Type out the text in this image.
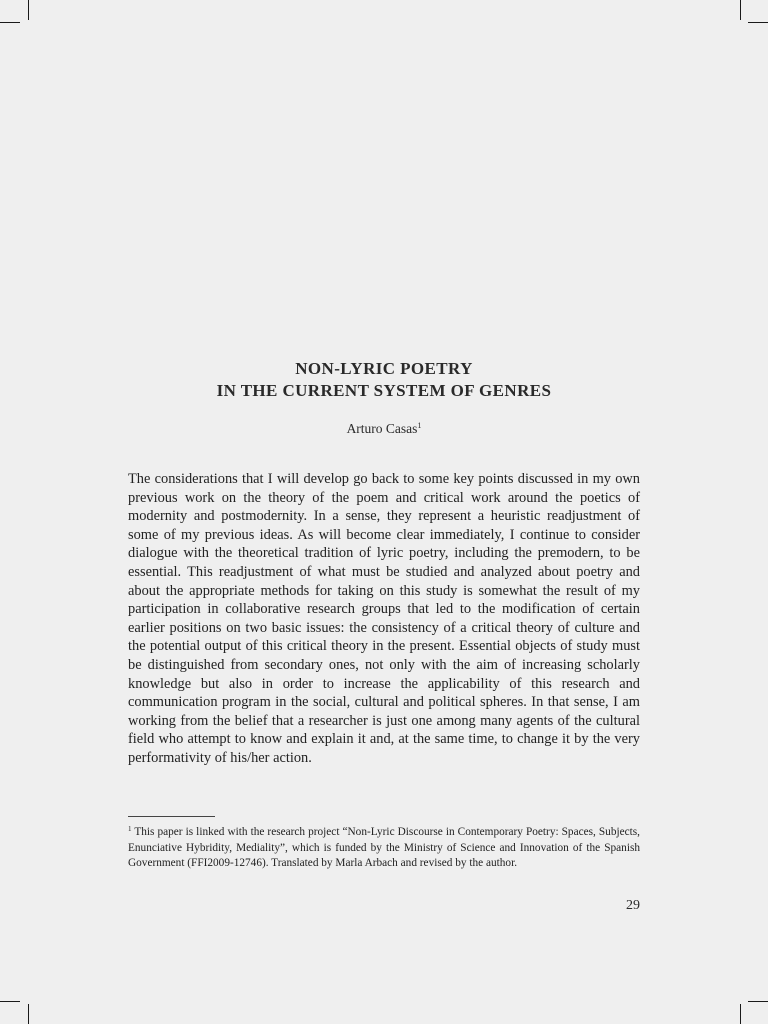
NON-LYRIC POETRY
IN THE CURRENT SYSTEM OF GENRES

Arturo Casas$^1$

The considerations that I will develop go back to some key points discussed in my own previous work on the theory of the poem and critical work around the poetics of modernity and postmodernity. In a sense, they represent a heuristic readjustment of some of my previous ideas. As will become clear immediately, I continue to consider dialogue with the theoretical tradition of lyric poetry, including the premodern, to be essential. This readjustment of what must be studied and analyzed about poetry and about the appropriate methods for taking on this study is somewhat the result of my participation in collaborative research groups that led to the modification of certain earlier positions on two basic issues: the consistency of a critical theory of culture and the potential output of this critical theory in the present. Essential objects of study must be distinguished from secondary ones, not only with the aim of increasing scholarly knowledge but also in order to increase the applicability of this research and communication program in the social, cultural and political spheres. In that sense, I am working from the belief that a researcher is just one among many agents of the cultural field who attempt to know and explain it and, at the same time, to change it by the very performativity of his/her action.

$^1$ This paper is linked with the research project “Non-Lyric Discourse in Contemporary Poetry: Spaces, Subjects, Enunciative Hybridity, Mediality”, which is funded by the Ministry of Science and Innovation of the Spanish Government (FFI2009-12746). Translated by Marla Arbach and revised by the author.

29
